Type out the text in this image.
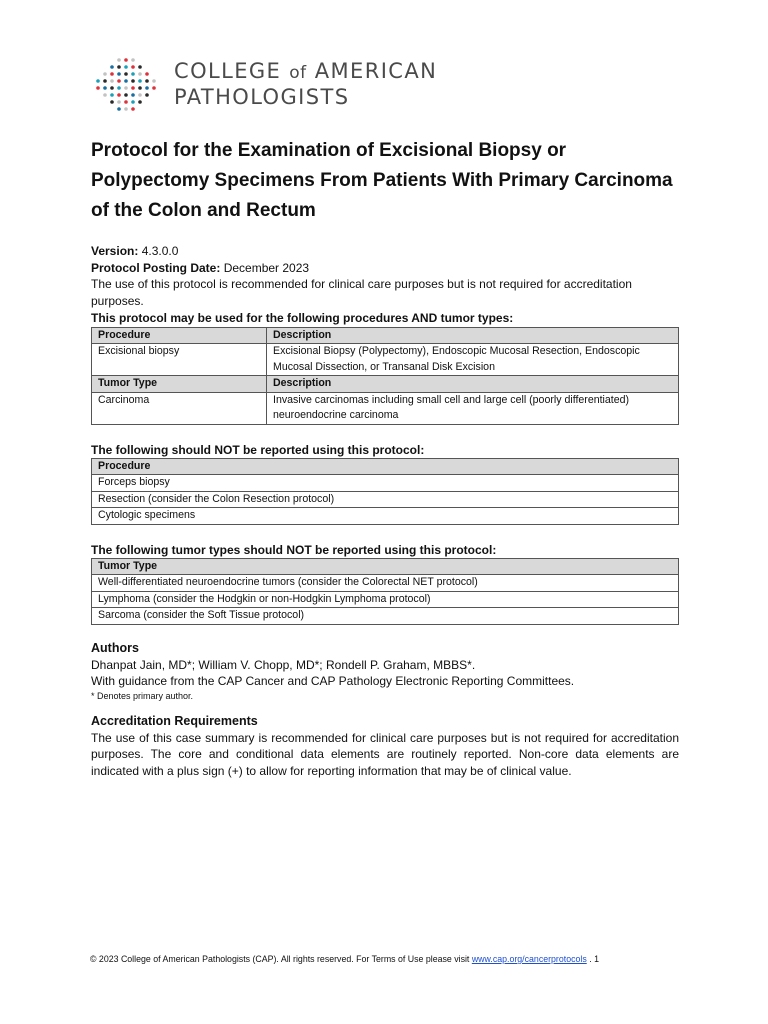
COLLEGE of AMERICAN
PATHOLOGISTS
Protocol for the Examination of Excisional Biopsy or Polypectomy Specimens From Patients With Primary Carcinoma of the Colon and Rectum
Version: 4.3.0.0
Protocol Posting Date: December 2023

The use of this protocol is recommended for clinical care purposes but is not required for accreditation purposes.

This protocol may be used for the following procedures AND tumor types:

Procedure	Description
Excisional biopsy	Excisional Biopsy (Polypectomy), Endoscopic Mucosal Resection, Endoscopic Mucosal Dissection, or Transanal Disk Excision
Tumor Type	Description
Carcinoma	Invasive carcinomas including small cell and large cell (poorly differentiated) neuroendocrine carcinoma

The following should NOT be reported using this protocol:

Procedure
Forceps biopsy
Resection (consider the Colon Resection protocol)
Cytologic specimens

The following tumor types should NOT be reported using this protocol:

Tumor Type
Well-differentiated neuroendocrine tumors (consider the Colorectal NET protocol)
Lymphoma (consider the Hodgkin or non-Hodgkin Lymphoma protocol)
Sarcoma (consider the Soft Tissue protocol)

Authors

Dhanpat Jain, MD*; William V. Chopp, MD*; Rondell P. Graham, MBBS*.

With guidance from the CAP Cancer and CAP Pathology Electronic Reporting Committees.

* Denotes primary author.

Accreditation Requirements

The use of this case summary is recommended for clinical care purposes but is not required for accreditation purposes. The core and conditional data elements are routinely reported. Non-core data elements are indicated with a plus sign (+) to allow for reporting information that may be of clinical value.

© 2023 College of American Pathologists (CAP). All rights reserved. For Terms of Use please visit www.cap.org/cancerprotocols . 1
